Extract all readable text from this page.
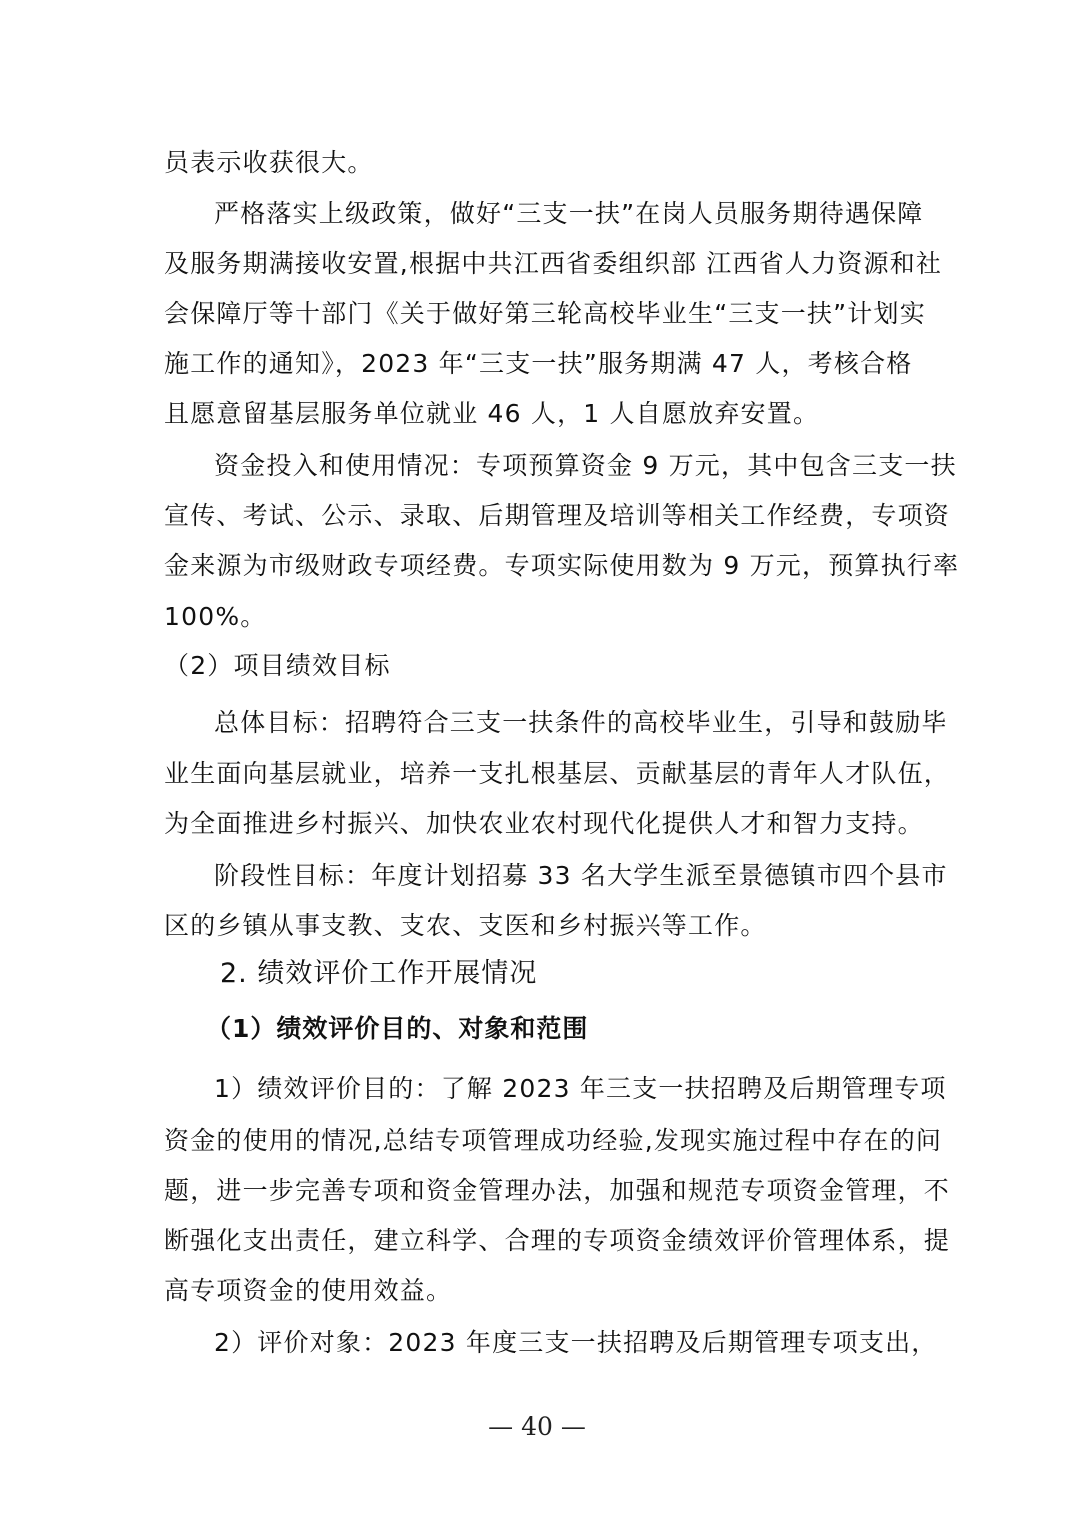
员表示收获很大。
严格落实上级政策，做好“三支一扶”在岗人员服务期待遇保障
及服务期满接收安置,根据中共江西省委组织部 江西省人力资源和社
会保障厅等十部门《关于做好第三轮高校毕业生“三支一扶”计划实
施工作的通知》，2023 年“三支一扶”服务期满 47 人，考核合格
且愿意留基层服务单位就业 46 人，1 人自愿放弃安置。
资金投入和使用情况：专项预算资金 9 万元，其中包含三支一扶
宣传、考试、公示、录取、后期管理及培训等相关工作经费，专项资
金来源为市级财政专项经费。专项实际使用数为 9 万元，预算执行率
100%。
（2）项目绩效目标
总体目标：招聘符合三支一扶条件的高校毕业生，引导和鼓励毕
业生面向基层就业，培养一支扎根基层、贡献基层的青年人才队伍，
为全面推进乡村振兴、加快农业农村现代化提供人才和智力支持。
阶段性目标：年度计划招募 33 名大学生派至景德镇市四个县市
区的乡镇从事支教、支农、支医和乡村振兴等工作。
2. 绩效评价工作开展情况
（1）绩效评价目的、对象和范围
1）绩效评价目的：了解 2023 年三支一扶招聘及后期管理专项
资金的使用的情况,总结专项管理成功经验,发现实施过程中存在的问
题，进一步完善专项和资金管理办法，加强和规范专项资金管理，不
断强化支出责任，建立科学、合理的专项资金绩效评价管理体系，提
高专项资金的使用效益。
2）评价对象：2023 年度三支一扶招聘及后期管理专项支出，
— 40 —
